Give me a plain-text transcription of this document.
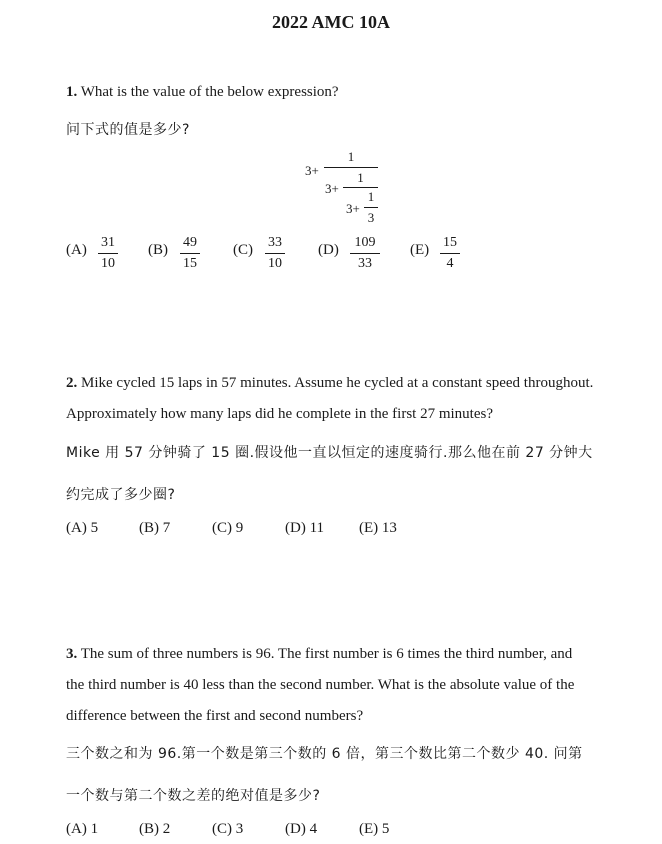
2022 AMC 10A
1. What is the value of the below expression?
问下式的值是多少?
3+
1
3+
1
3+
1
3
(A) 31
10
(B) 49
15
(C) 33
10
(D)	109
33
(E) 15
4
2. Mike cycled 15 laps in 57 minutes. Assume he cycled at a constant speed throughout.
Approximately how many laps did he complete in the first 27 minutes?
Mike 用 57 分钟骑了 15 圈.假设他一直以恒定的速度骑行.那么他在前 27 分钟大
约完成了多少圈?
(A) 5	(B) 7	(C) 9	(D) 11 (E) 13
3. The sum of three numbers is 96. The first number is 6 times the third number, and
the third number is 40 less than the second number. What is the absolute value of the
difference between the first and second numbers?
三个数之和为 96.第一个数是第三个数的 6 倍，第三个数比第二个数少 40. 问第
一个数与第二个数之差的绝对值是多少?
(A) 1	(B) 2	(C) 3	(D) 4	(E) 5
